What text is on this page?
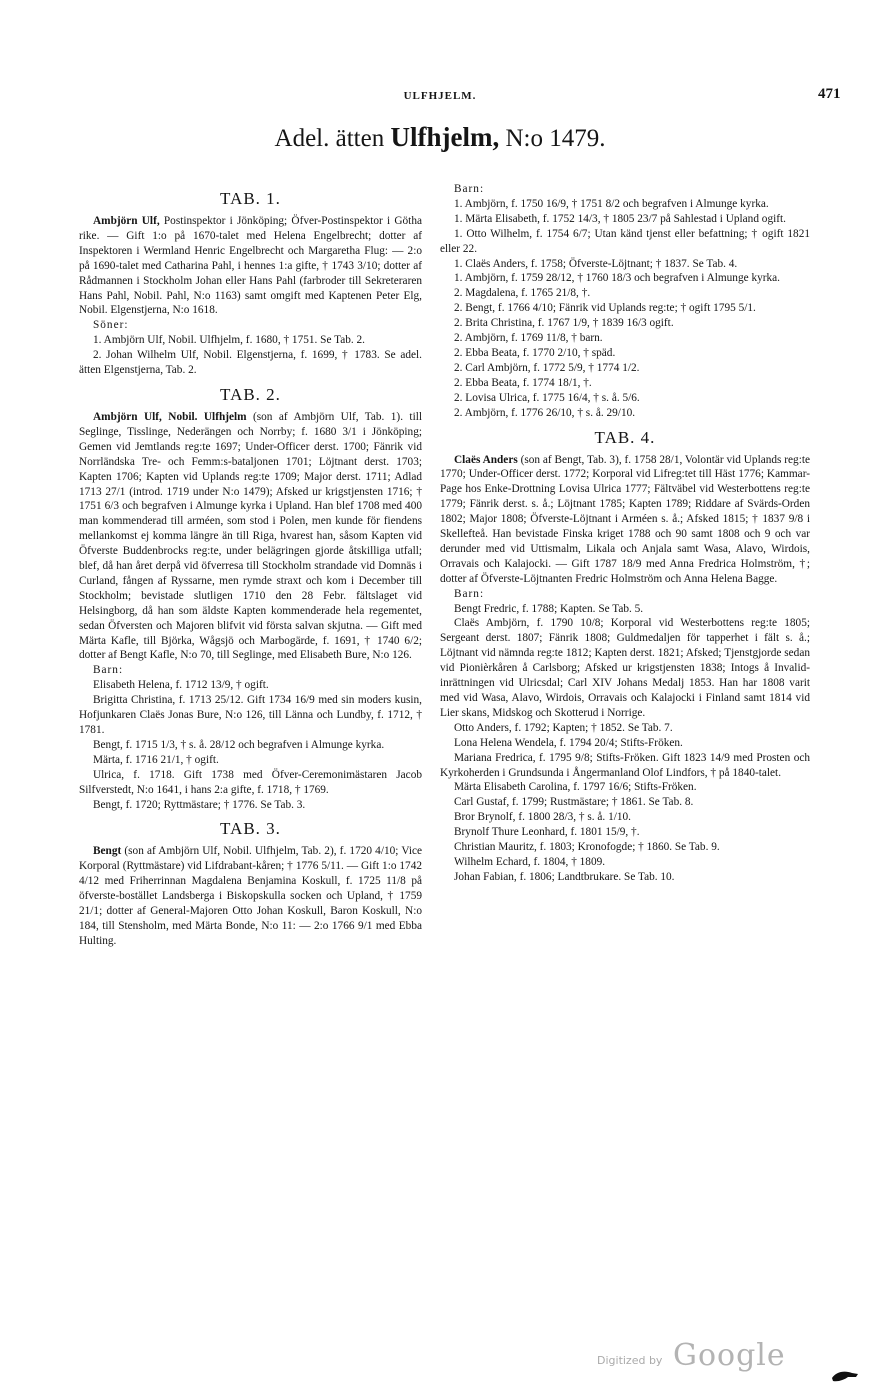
ULFHJELM.	471
Adel. ätten Ulfhjelm, N:o 1479.
TAB. 1.

Ambjörn Ulf, Postinspektor i Jönköping; Öfver-Postinspektor i Götha rike. — Gift 1:o på 1670-talet med Helena Engelbrecht; dotter af Inspektoren i Wermland Henric Engelbrecht och Margaretha Flug: — 2:o på 1690-talet med Catharina Pahl, i hennes 1:a gifte, † 1743 3/10; dotter af Rådmannen i Stockholm Johan eller Hans Pahl (farbroder till Sekreteraren Hans Pahl, Nobil. Pahl, N:o 1163) samt omgift med Kaptenen Peter Elg, Nobil. Elgenstjerna, N:o 1618.

Söner:

1. Ambjörn Ulf, Nobil. Ulfhjelm, f. 1680, † 1751. Se Tab. 2.

2. Johan Wilhelm Ulf, Nobil. Elgenstjerna, f. 1699, † 1783. Se adel. ätten Elgenstjerna, Tab. 2.

TAB. 2.

Ambjörn Ulf, Nobil. Ulfhjelm (son af Ambjörn Ulf, Tab. 1). till Seglinge, Tisslinge, Nederängen och Norrby; f. 1680 3/1 i Jönköping; Gemen vid Jemtlands reg:te 1697; Under-Officer derst. 1700; Fänrik vid Norrländska Tre- och Femm:s-bataljonen 1701; Löjtnant derst. 1703; Kapten 1706; Kapten vid Uplands reg:te 1709; Major derst. 1711; Adlad 1713 27/1 (introd. 1719 under N:o 1479); Afsked ur krigstjensten 1716; † 1751 6/3 och begrafven i Almunge kyrka i Upland. Han blef 1708 med 400 man kommenderad till arméen, som stod i Polen, men kunde för fiendens mellankomst ej komma längre än till Riga, hvarest han, såsom Kapten vid Öfverste Buddenbrocks reg:te, under belägringen gjorde åtskilliga utfall; blef, då han året derpå vid öfverresa till Stockholm strandade vid Domnäs i Curland, fången af Ryssarne, men rymde straxt och kom i December till Stockholm; bevistade slutligen 1710 den 28 Febr. fältslaget vid Helsingborg, då han som äldste Kapten kommenderade hela regementet, sedan Öfversten och Majoren blifvit vid första salvan skjutna. — Gift med Märta Kafle, till Björka, Wågsjö och Marbogärde, f. 1691, † 1740 6/2; dotter af Bengt Kafle, N:o 70, till Seglinge, med Elisabeth Bure, N:o 126.

Barn:

Elisabeth Helena, f. 1712 13/9, † ogift.

Brigitta Christina, f. 1713 25/12. Gift 1734 16/9 med sin moders kusin, Hofjunkaren Claës Jonas Bure, N:o 126, till Länna och Lundby, f. 1712, † 1781.

Bengt, f. 1715 1/3, † s. å. 28/12 och begrafven i Almunge kyrka.

Märta, f. 1716 21/1, † ogift.

Ulrica, f. 1718. Gift 1738 med Öfver-Ceremonimästaren Jacob Silfverstedt, N:o 1641, i hans 2:a gifte, f. 1718, † 1769.

Bengt, f. 1720; Ryttmästare; † 1776. Se Tab. 3.

TAB. 3.

Bengt (son af Ambjörn Ulf, Nobil. Ulfhjelm, Tab. 2), f. 1720 4/10; Vice Korporal (Ryttmästare) vid Lifdrabant-kåren; † 1776 5/11. — Gift 1:o 1742 4/12 med Friherrinnan Magdalena Benjamina Koskull, f. 1725 11/8 på öfverste-bostället Landsberga i Biskopskulla socken och Upland, † 1759 21/1; dotter af General-Majoren Otto Johan Koskull, Baron Koskull, N:o 184, till Stensholm, med Märta Bonde, N:o 11: — 2:o 1766 9/1 med Ebba Hulting.

Barn:

1. Ambjörn, f. 1750 16/9, † 1751 8/2 och begrafven i Almunge kyrka.

1. Märta Elisabeth, f. 1752 14/3, † 1805 23/7 på Sahlestad i Upland ogift.

1. Otto Wilhelm, f. 1754 6/7; Utan känd tjenst eller befattning; † ogift 1821 eller 22.

1. Claës Anders, f. 1758; Öfverste-Löjtnant; † 1837. Se Tab. 4.

1. Ambjörn, f. 1759 28/12, † 1760 18/3 och begrafven i Almunge kyrka.

2. Magdalena, f. 1765 21/8, †.

2. Bengt, f. 1766 4/10; Fänrik vid Uplands reg:te; † ogift 1795 5/1.

2. Brita Christina, f. 1767 1/9, † 1839 16/3 ogift.

2. Ambjörn, f. 1769 11/8, † barn.

2. Ebba Beata, f. 1770 2/10, † späd.

2. Carl Ambjörn, f. 1772 5/9, † 1774 1/2.

2. Ebba Beata, f. 1774 18/1, †.

2. Lovisa Ulrica, f. 1775 16/4, † s. å. 5/6.

2. Ambjörn, f. 1776 26/10, † s. å. 29/10.

TAB. 4.

Claës Anders (son af Bengt, Tab. 3), f. 1758 28/1, Volontär vid Uplands reg:te 1770; Under-Officer derst. 1772; Korporal vid Lifreg:tet till Häst 1776; Kammar-Page hos Enke-Drottning Lovisa Ulrica 1777; Fältväbel vid Westerbottens reg:te 1779; Fänrik derst. s. å.; Löjtnant 1785; Kapten 1789; Riddare af Svärds-Orden 1802; Major 1808; Öfverste-Löjtnant i Arméen s. å.; Afsked 1815; † 1837 9/8 i Skellefteå. Han bevistade Finska kriget 1788 och 90 samt 1808 och 9 och var derunder med vid Uttismalm, Likala och Anjala samt Wasa, Alavo, Wirdois, Orravais och Kalajocki. — Gift 1787 18/9 med Anna Fredrica Holmström, †; dotter af Öfverste-Löjtnanten Fredric Holmström och Anna Helena Bagge.

Barn:

Bengt Fredric, f. 1788; Kapten. Se Tab. 5.

Claës Ambjörn, f. 1790 10/8; Korporal vid Westerbottens reg:te 1805; Sergeant derst. 1807; Fänrik 1808; Guldmedaljen för tapperhet i fält s. å.; Löjtnant vid nämnda reg:te 1812; Kapten derst. 1821; Afsked; Tjenstgjorde sedan vid Pionièrkåren å Carlsborg; Afsked ur krigstjensten 1838; Intogs å Invalid-inrättningen vid Ulricsdal; Carl XIV Johans Medalj 1853. Han har 1808 varit med vid Wasa, Alavo, Wirdois, Orravais och Kalajocki i Finland samt 1814 vid Lier skans, Midskog och Skotterud i Norrige.

Otto Anders, f. 1792; Kapten; † 1852. Se Tab. 7.

Lona Helena Wendela, f. 1794 20/4; Stifts-Fröken.

Mariana Fredrica, f. 1795 9/8; Stifts-Fröken. Gift 1823 14/9 med Prosten och Kyrkoherden i Grundsunda i Ångermanland Olof Lindfors, † på 1840-talet.

Märta Elisabeth Carolina, f. 1797 16/6; Stifts-Fröken.

Carl Gustaf, f. 1799; Rustmästare; † 1861. Se Tab. 8.

Bror Brynolf, f. 1800 28/3, † s. å. 1/10.

Brynolf Thure Leonhard, f. 1801 15/9, †.

Christian Mauritz, f. 1803; Kronofogde; † 1860. Se Tab. 9.

Wilhelm Echard, f. 1804, † 1809.

Johan Fabian, f. 1806; Landtbrukare. Se Tab. 10.

Digitized by Google
